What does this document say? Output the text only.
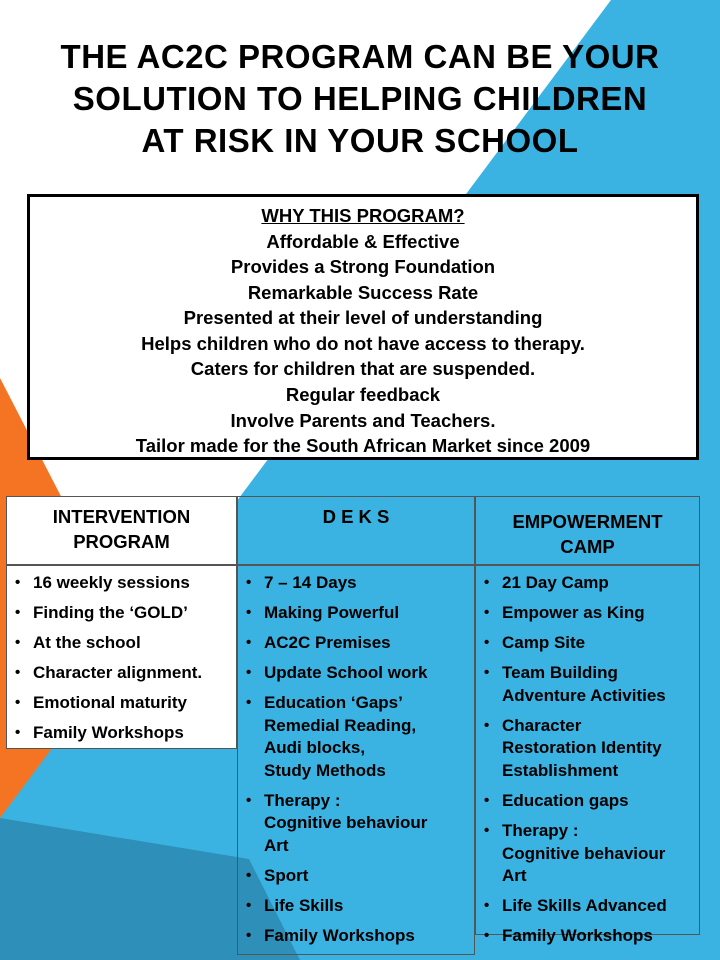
THE AC2C PROGRAM CAN BE YOUR
SOLUTION TO HELPING CHILDREN
AT RISK IN YOUR SCHOOL
WHY THIS PROGRAM?
Affordable & Effective
Provides a Strong Foundation
Remarkable Success Rate
Presented at their level of understanding
Helps children who do not have access to therapy.
Caters for children that are suspended.
Regular feedback
Involve Parents and Teachers.
Tailor made for the South African Market since 2009
INTERVENTION
PROGRAM
D E K S	EMPOWERMENT
CAMP
• 16 weekly sessions
• Finding the ‘GOLD’
• At the school
• Character alignment.
• Emotional maturity
• Family Workshops
• 7 – 14 Days
• Making Powerful
• AC2C Premises
• Update School work
• Education ‘Gaps’
Remedial Reading,
Audi blocks,
Study Methods
• Therapy :
Cognitive behaviour
Art
• Sport
• Life Skills
• Family Workshops
• 21 Day Camp
• Empower as King
• Camp Site
• Team Building
Adventure Activities
• Character
Restoration Identity
Establishment
• Education gaps
• Therapy :
Cognitive behaviour
Art
• Life Skills Advanced
• Family Workshops
